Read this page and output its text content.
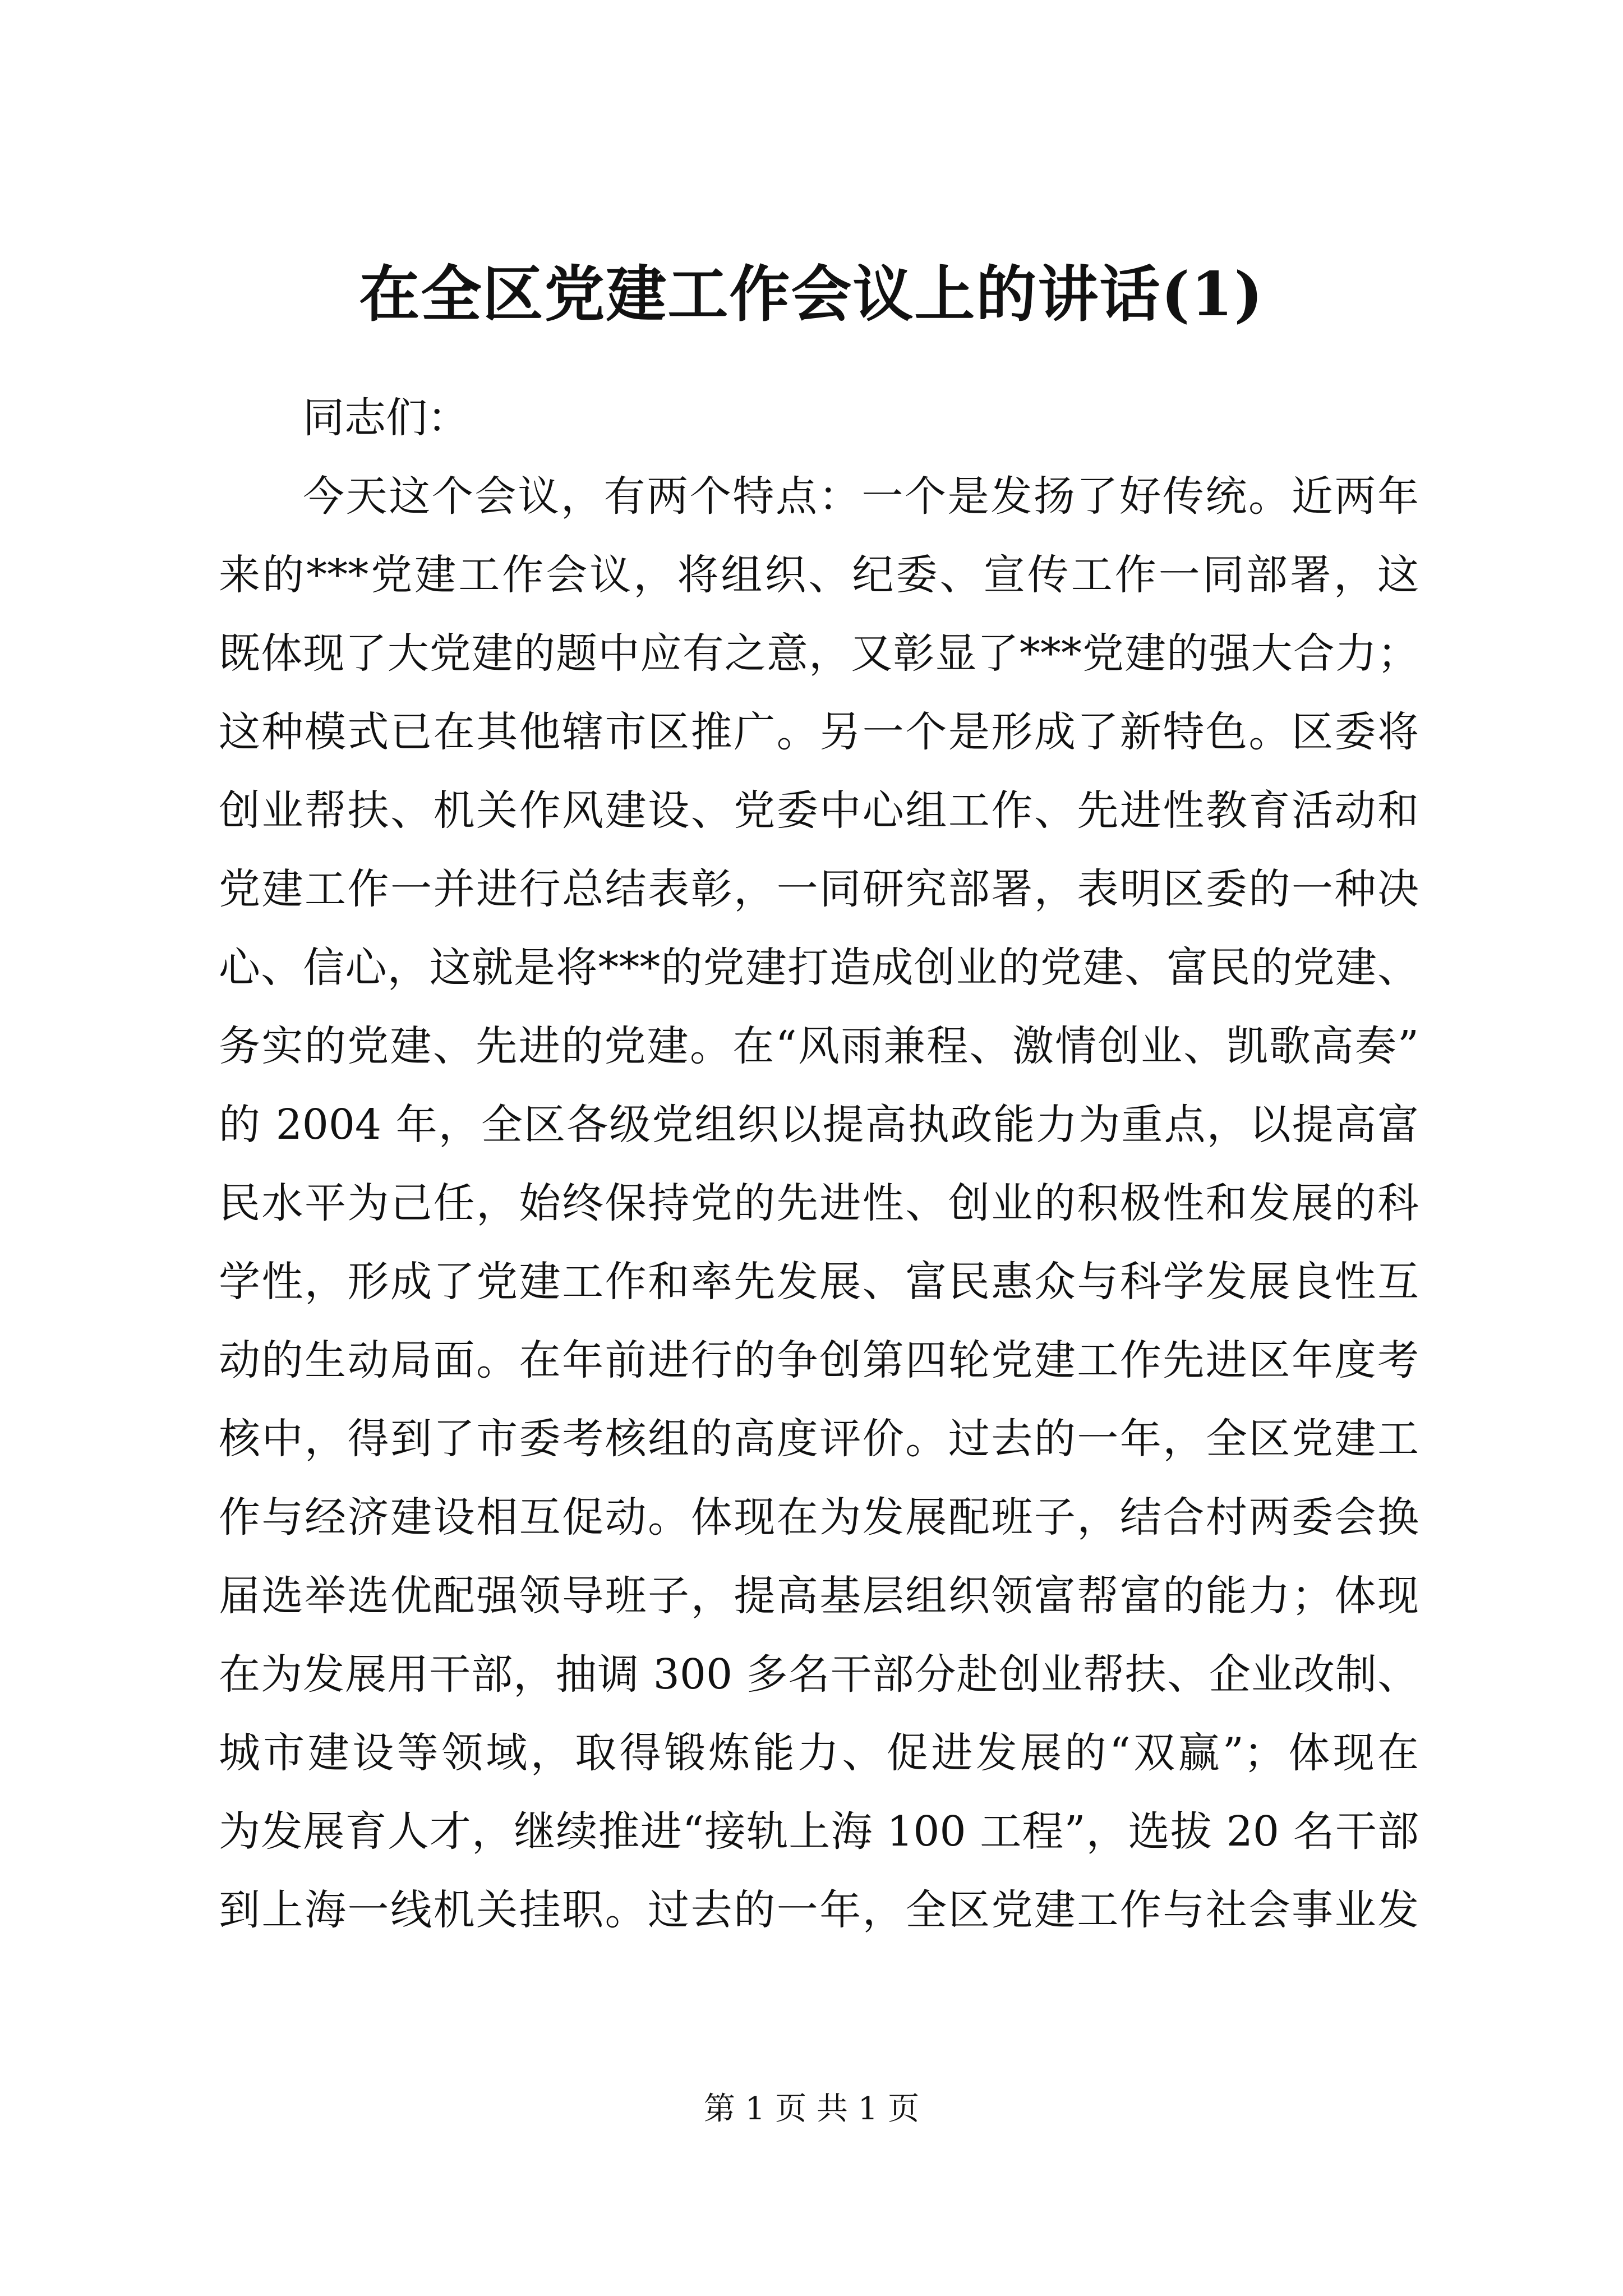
在全区党建工作会议上的讲话(1)
同志们：
今天这个会议，有两个特点：一个是发扬了好传统。近两年
来的***党建工作会议，将组织、纪委、宣传工作一同部署，这
既体现了大党建的题中应有之意，又彰显了***党建的强大合力；
这种模式已在其他辖市区推广。另一个是形成了新特色。区委将
创业帮扶、机关作风建设、党委中心组工作、先进性教育活动和
党建工作一并进行总结表彰，一同研究部署，表明区委的一种决
心、信心，这就是将***的党建打造成创业的党建、富民的党建、
务实的党建、先进的党建。在“风雨兼程、激情创业、凯歌高奏”
的 2004 年，全区各级党组织以提高执政能力为重点，以提高富
民水平为己任，始终保持党的先进性、创业的积极性和发展的科
学性，形成了党建工作和率先发展、富民惠众与科学发展良性互
动的生动局面。在年前进行的争创第四轮党建工作先进区年度考
核中，得到了市委考核组的高度评价。过去的一年，全区党建工
作与经济建设相互促动。体现在为发展配班子，结合村两委会换
届选举选优配强领导班子，提高基层组织领富帮富的能力；体现
在为发展用干部，抽调 300 多名干部分赴创业帮扶、企业改制、
城市建设等领域，取得锻炼能力、促进发展的“双赢”；体现在
为发展育人才，继续推进“接轨上海 100 工程”，选拔 20 名干部
到上海一线机关挂职。过去的一年，全区党建工作与社会事业发
第 1 页 共 1 页
